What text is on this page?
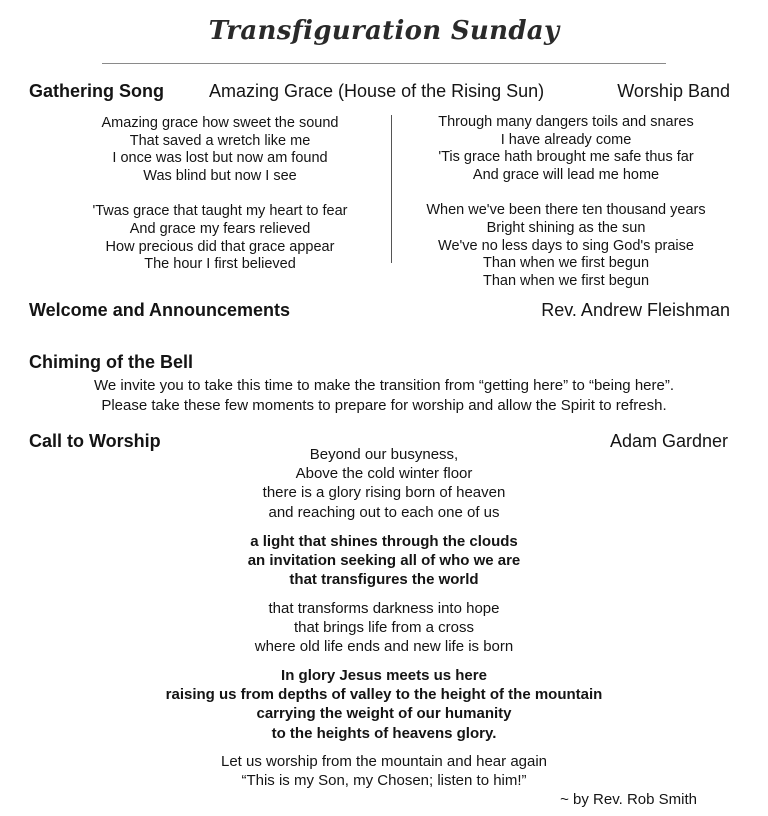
Transfiguration Sunday
Gathering Song	Amazing Grace (House of the Rising Sun)	Worship Band
Amazing grace how sweet the sound
That saved a wretch like me
I once was lost but now am found
Was blind but now I see
'Twas grace that taught my heart to fear
And grace my fears relieved
How precious did that grace appear
The hour I first believed
Through many dangers toils and snares
I have already come
'Tis grace hath brought me safe thus far
And grace will lead me home
When we've been there ten thousand years
Bright shining as the sun
We've no less days to sing God's praise
Than when we first begun
Than when we first begun
Welcome and Announcements	Rev. Andrew Fleishman
Chiming of the Bell
We invite you to take this time to make the transition from “getting here” to “being here”.
Please take these few moments to prepare for worship and allow the Spirit to refresh.
Call to Worship	Adam Gardner
Beyond our busyness,
Above the cold winter floor
there is a glory rising born of heaven
and reaching out to each one of us
a light that shines through the clouds
an invitation seeking all of who we are
that transfigures the world
that transforms darkness into hope
that brings life from a cross
where old life ends and new life is born
In glory Jesus meets us here
raising us from depths of valley to the height of the mountain
carrying the weight of our humanity
to the heights of heavens glory.
Let us worship from the mountain and hear again
“This is my Son, my Chosen; listen to him!”
~ by Rev. Rob Smith
